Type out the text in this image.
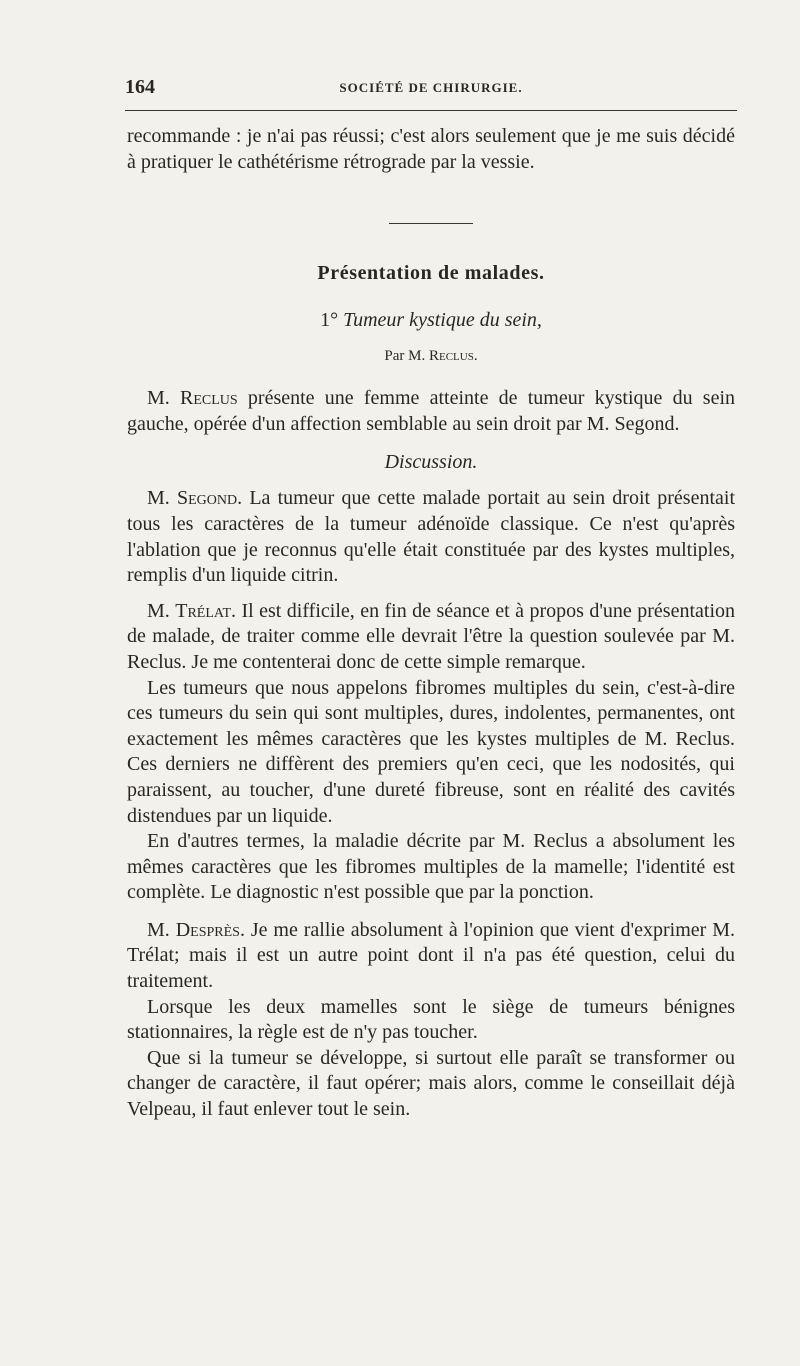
164	SOCIÉTÉ DE CHIRURGIE.

recommande : je n'ai pas réussi; c'est alors seulement que je me suis décidé à pratiquer le cathétérisme rétrograde par la vessie.

Présentation de malades.
1° Tumeur kystique du sein,
Par M. Reclus.

M. Reclus présente une femme atteinte de tumeur kystique du sein gauche, opérée d'un affection semblable au sein droit par M. Segond.

Discussion.

M. Segond. La tumeur que cette malade portait au sein droit présentait tous les caractères de la tumeur adénoïde classique. Ce n'est qu'après l'ablation que je reconnus qu'elle était constituée par des kystes multiples, remplis d'un liquide citrin.

M. Trélat. Il est difficile, en fin de séance et à propos d'une présentation de malade, de traiter comme elle devrait l'être la question soulevée par M. Reclus. Je me contenterai donc de cette simple remarque.

Les tumeurs que nous appelons fibromes multiples du sein, c'est-à-dire ces tumeurs du sein qui sont multiples, dures, indolentes, permanentes, ont exactement les mêmes caractères que les kystes multiples de M. Reclus. Ces derniers ne diffèrent des premiers qu'en ceci, que les nodosités, qui paraissent, au toucher, d'une dureté fibreuse, sont en réalité des cavités distendues par un liquide.

En d'autres termes, la maladie décrite par M. Reclus a absolument les mêmes caractères que les fibromes multiples de la mamelle; l'identité est complète. Le diagnostic n'est possible que par la ponction.

M. Desprès. Je me rallie absolument à l'opinion que vient d'exprimer M. Trélat; mais il est un autre point dont il n'a pas été question, celui du traitement.

Lorsque les deux mamelles sont le siège de tumeurs bénignes stationnaires, la règle est de n'y pas toucher.

Que si la tumeur se développe, si surtout elle paraît se transformer ou changer de caractère, il faut opérer; mais alors, comme le conseillait déjà Velpeau, il faut enlever tout le sein.
